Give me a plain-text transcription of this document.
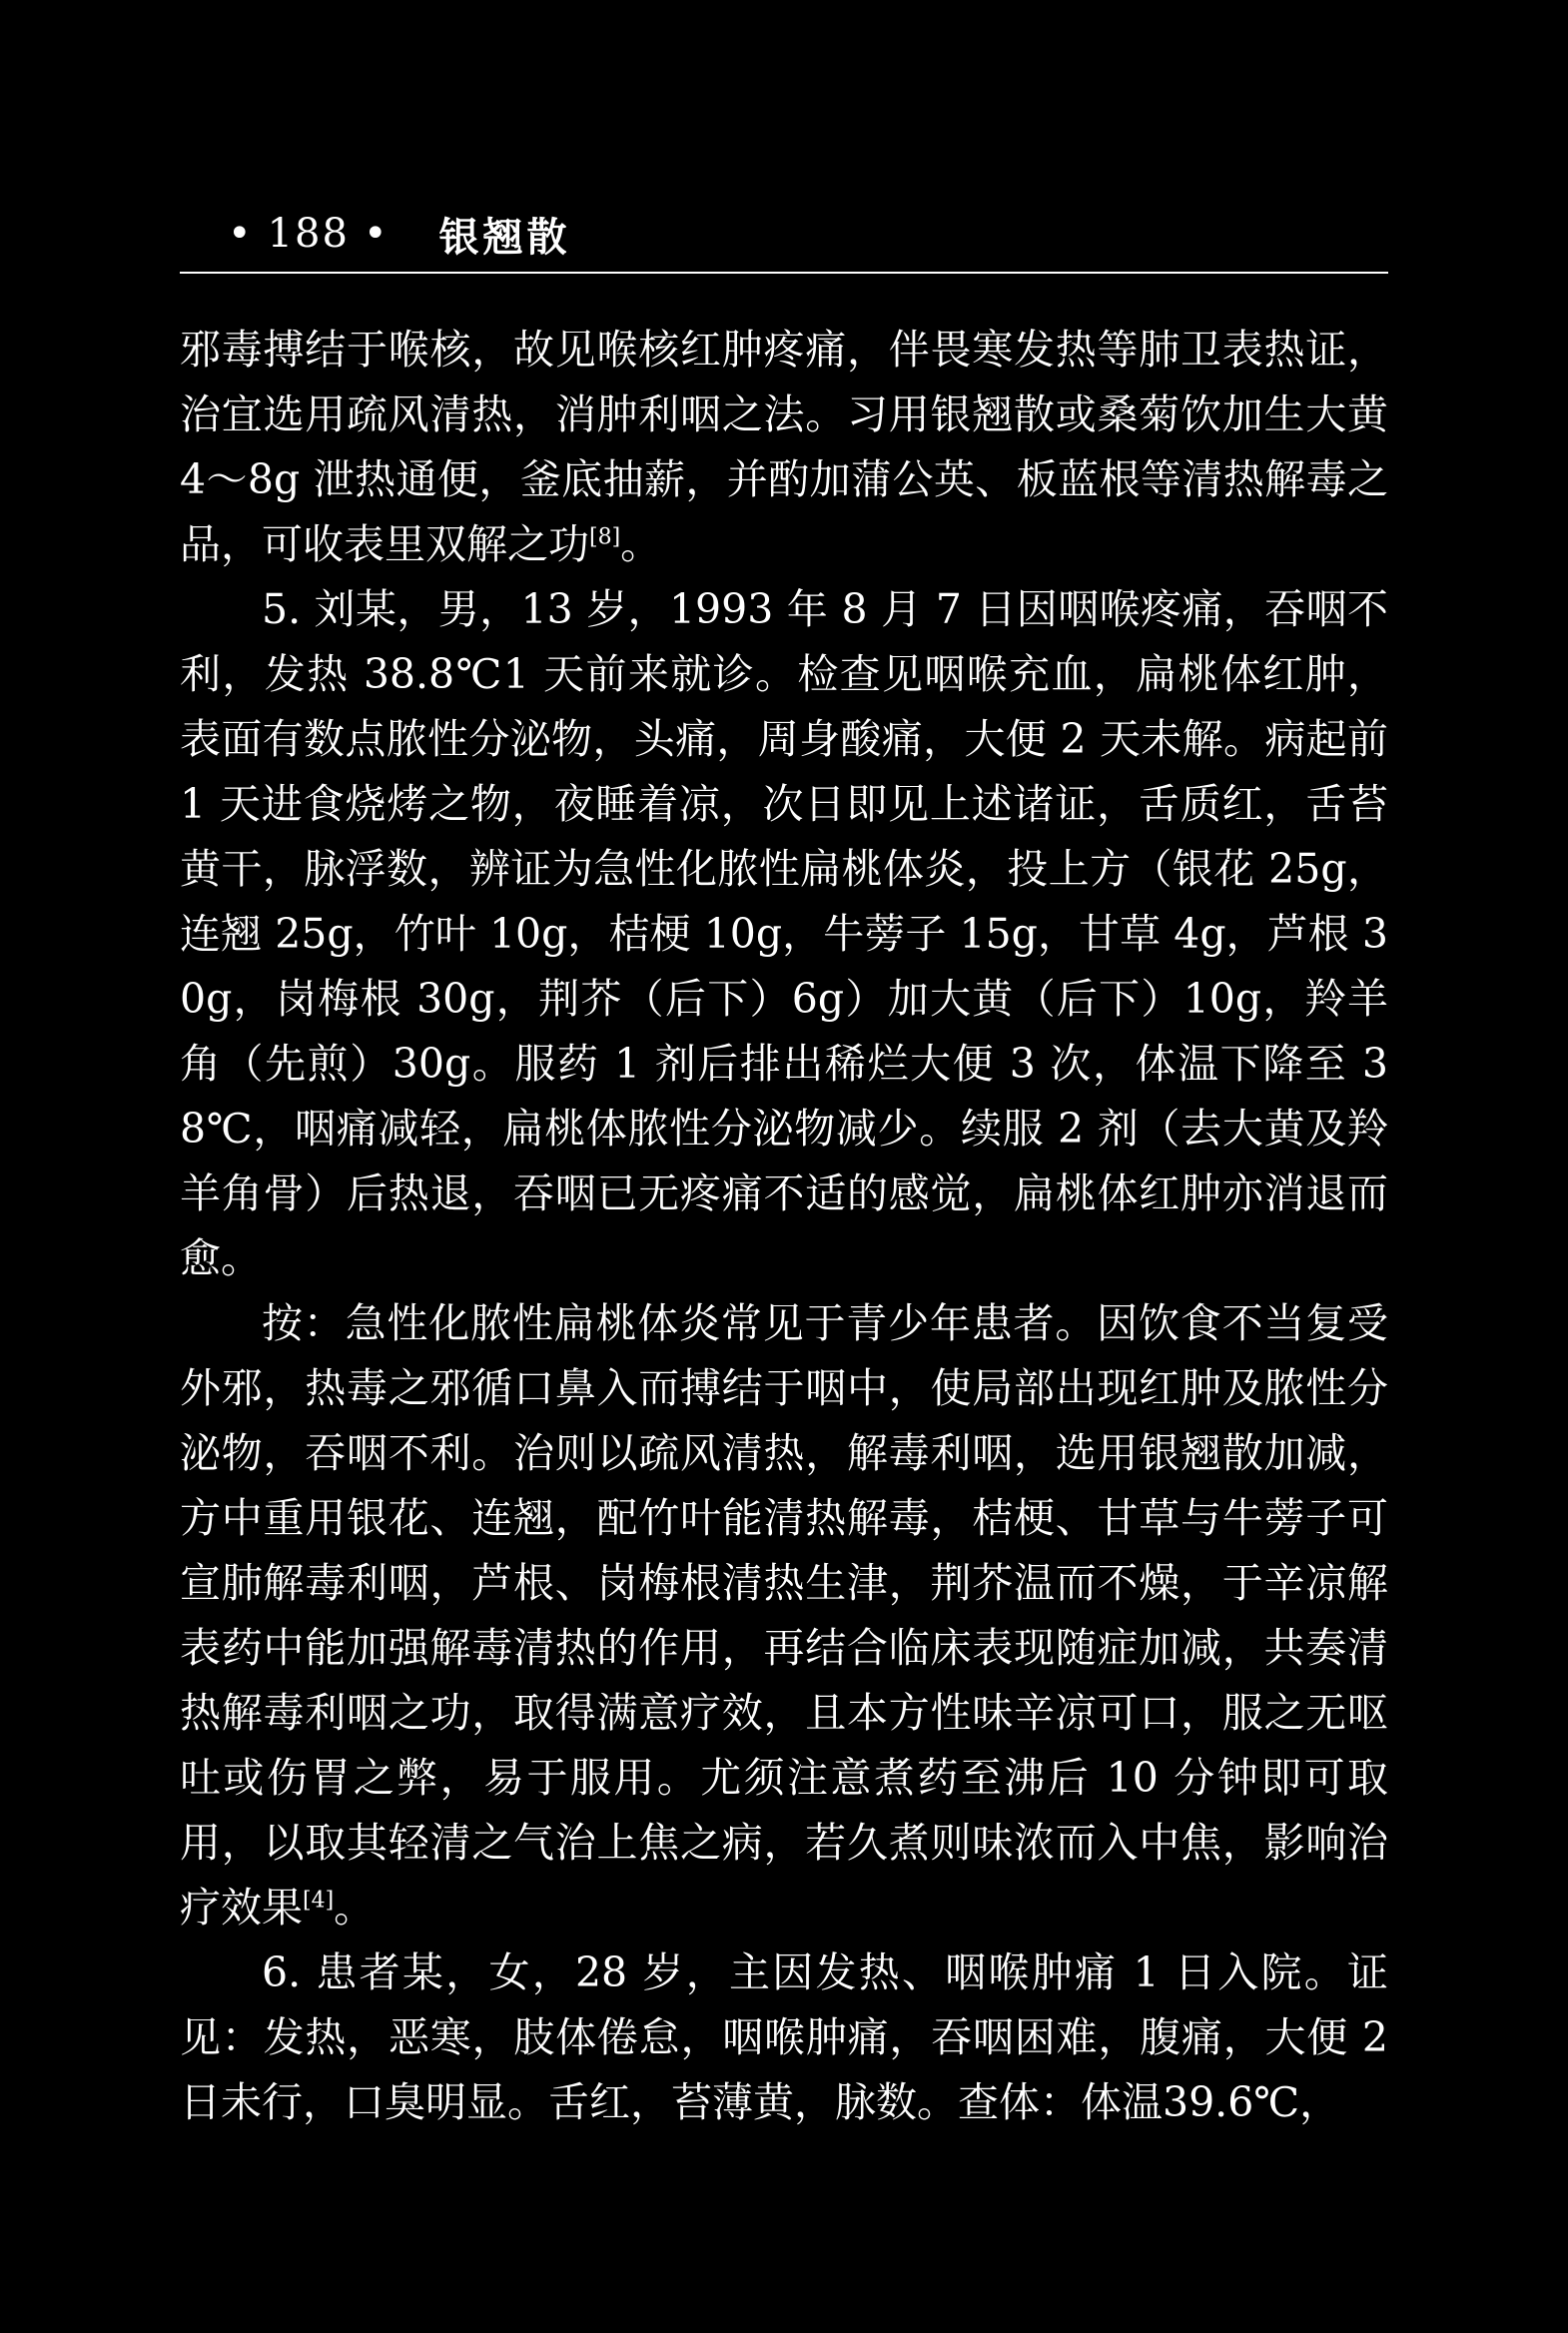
• 188 • 银翘散

邪毒搏结于喉核，故见喉核红肿疼痛，伴畏寒发热等肺卫表热证，治宜选用疏风清热，消肿利咽之法。习用银翘散或桑菊饮加生大黄 4～8g 泄热通便，釜底抽薪，并酌加蒲公英、板蓝根等清热解毒之品，可收表里双解之功[8]。

5. 刘某，男，13 岁，1993 年 8 月 7 日因咽喉疼痛，吞咽不利，发热 38.8℃1 天前来就诊。检查见咽喉充血，扁桃体红肿，表面有数点脓性分泌物，头痛，周身酸痛，大便 2 天未解。病起前 1 天进食烧烤之物，夜睡着凉，次日即见上述诸证，舌质红，舌苔黄干，脉浮数，辨证为急性化脓性扁桃体炎，投上方（银花 25g，连翘 25g，竹叶 10g，桔梗 10g，牛蒡子 15g，甘草 4g，芦根 30g，岗梅根 30g，荆芥（后下）6g）加大黄（后下）10g，羚羊角（先煎）30g。服药 1 剂后排出稀烂大便 3 次，体温下降至 38℃，咽痛减轻，扁桃体脓性分泌物减少。续服 2 剂（去大黄及羚羊角骨）后热退，吞咽已无疼痛不适的感觉，扁桃体红肿亦消退而愈。

按：急性化脓性扁桃体炎常见于青少年患者。因饮食不当复受外邪，热毒之邪循口鼻入而搏结于咽中，使局部出现红肿及脓性分泌物，吞咽不利。治则以疏风清热，解毒利咽，选用银翘散加减，方中重用银花、连翘，配竹叶能清热解毒，桔梗、甘草与牛蒡子可宣肺解毒利咽，芦根、岗梅根清热生津，荆芥温而不燥，于辛凉解表药中能加强解毒清热的作用，再结合临床表现随症加减，共奏清热解毒利咽之功，取得满意疗效，且本方性味辛凉可口，服之无呕吐或伤胃之弊，易于服用。尤须注意煮药至沸后 10 分钟即可取用，以取其轻清之气治上焦之病，若久煮则味浓而入中焦，影响治疗效果[4]。

6. 患者某，女，28 岁，主因发热、咽喉肿痛 1 日入院。证见：发热，恶寒，肢体倦怠，咽喉肿痛，吞咽困难，腹痛，大便 2日未行，口臭明显。舌红，苔薄黄，脉数。查体：体温39.6℃，
